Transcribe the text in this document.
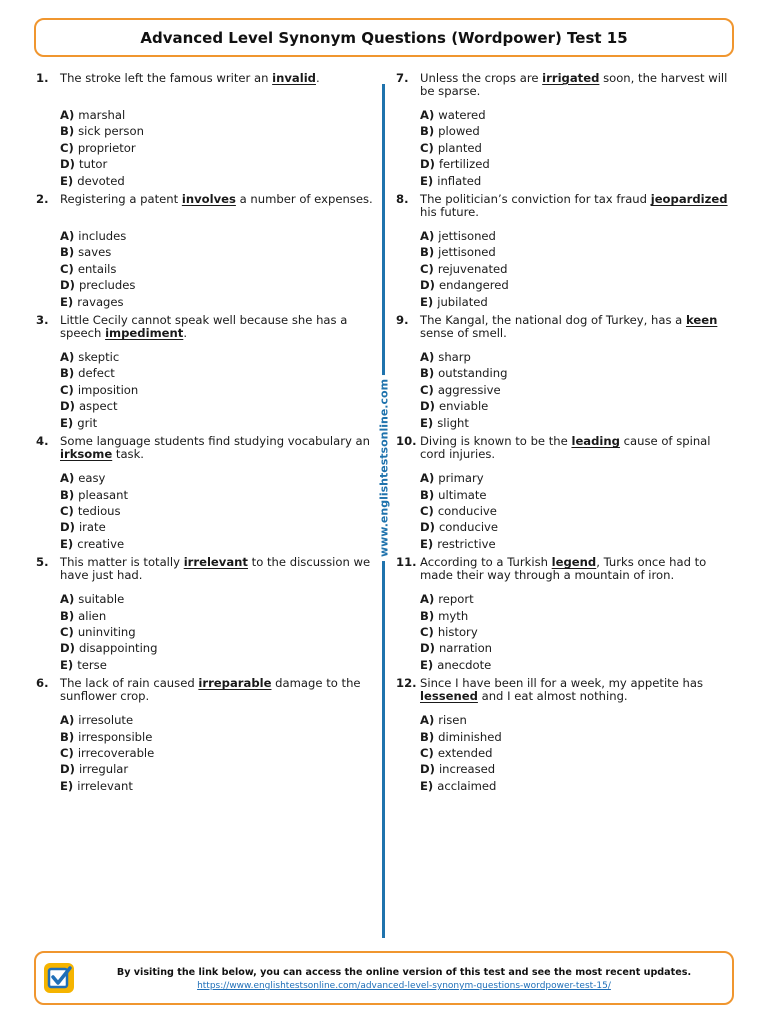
Advanced Level Synonym Questions (Wordpower) Test 15
1. The stroke left the famous writer an invalid.
A) marshal
B) sick person
C) proprietor
D) tutor
E) devoted
2. Registering a patent involves a number of expenses.
A) includes
B) saves
C) entails
D) precludes
E) ravages
3. Little Cecily cannot speak well because she has a speech impediment.
A) skeptic
B) defect
C) imposition
D) aspect
E) grit
4. Some language students find studying vocabulary an irksome task.
A) easy
B) pleasant
C) tedious
D) irate
E) creative
5. This matter is totally irrelevant to the discussion we have just had.
A) suitable
B) alien
C) uninviting
D) disappointing
E) terse
6. The lack of rain caused irreparable damage to the sunflower crop.
A) irresolute
B) irresponsible
C) irrecoverable
D) irregular
E) irrelevant
7. Unless the crops are irrigated soon, the harvest will be sparse.
A) watered
B) plowed
C) planted
D) fertilized
E) inflated
8. The politician’s conviction for tax fraud jeopardized his future.
A) jettisoned
B) jettisoned
C) rejuvenated
D) endangered
E) jubilated
9. The Kangal, the national dog of Turkey, has a keen sense of smell.
A) sharp
B) outstanding
C) aggressive
D) enviable
E) slight
10. Diving is known to be the leading cause of spinal cord injuries.
A) primary
B) ultimate
C) conducive
D) conducive
E) restrictive
11. According to a Turkish legend, Turks once had to made their way through a mountain of iron.
A) report
B) myth
C) history
D) narration
E) anecdote
12. Since I have been ill for a week, my appetite has lessened and I eat almost nothing.
A) risen
B) diminished
C) extended
D) increased
E) acclaimed
www.englishtestsonline.com
By visiting the link below, you can access the online version of this test and see the most recent updates.
https://www.englishtestsonline.com/advanced-level-synonym-questions-wordpower-test-15/
